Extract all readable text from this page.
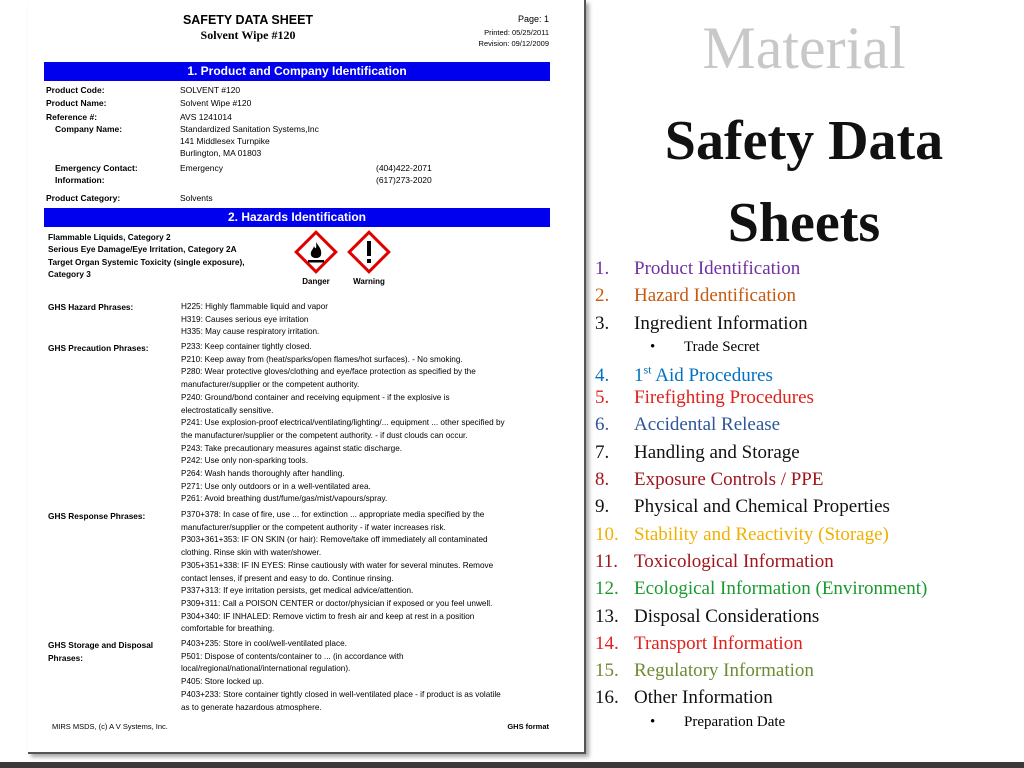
SAFETY DATA SHEET
Solvent Wipe #120
Page: 1
Printed: 05/25/2011
Revision: 09/12/2009
1. Product and Company Identification
Product Code:	SOLVENT #120
Product Name:	Solvent Wipe #120
Reference #:	AVS 1241014
Company Name:	Standardized Sanitation Systems,Inc
141 Middlesex Turnpike
Burlington, MA 01803
Emergency Contact:
Information:
Emergency	(404)422-2071
(617)273-2020
Product Category:	Solvents
2. Hazards Identification
Flammable Liquids, Category 2
Serious Eye Damage/Eye Irritation, Category 2A
Target Organ Systemic Toxicity (single exposure),
Category 3
Danger	Warning
GHS Hazard Phrases:	H225: Highly flammable liquid and vapor
H319: Causes serious eye irritation
H335: May cause respiratory irritation.
GHS Precaution Phrases:	P233: Keep container tightly closed.
P210: Keep away from (heat/sparks/open flames/hot surfaces). - No smoking.
P280: Wear protective gloves/clothing and eye/face protection as specified by the
manufacturer/supplier or the competent authority.
P240: Ground/bond container and receiving equipment - if the explosive is
electrostatically sensitive.
P241: Use explosion-proof electrical/ventilating/lighting/... equipment ... other specified by
the manufacturer/supplier or the competent authority. - if dust clouds can occur.
P243: Take precautionary measures against static discharge.
P242: Use only non-sparking tools.
P264: Wash hands thoroughly after handling.
P271: Use only outdoors or in a well-ventilated area.
P261: Avoid breathing dust/fume/gas/mist/vapours/spray.
GHS Response Phrases:	P370+378: In case of fire, use ... for extinction ... appropriate media specified by the
manufacturer/supplier or the competent authority - if water increases risk.
P303+361+353: IF ON SKIN (or hair): Remove/take off immediately all contaminated
clothing. Rinse skin with water/shower.
P305+351+338: IF IN EYES: Rinse cautiously with water for several minutes. Remove
contact lenses, if present and easy to do. Continue rinsing.
P337+313: If eye irritation persists, get medical advice/attention.
P309+311: Call a POISON CENTER or doctor/physician if exposed or you feel unwell.
P304+340: IF INHALED: Remove victim to fresh air and keep at rest in a position
comfortable for breathing.
GHS Storage and Disposal
Phrases:
P403+235: Store in cool/well-ventilated place.
P501: Dispose of contents/container to ... (in accordance with
local/regional/national/international regulation).
P405: Store locked up.
P403+233: Store container tightly closed in well-ventilated place - if product is as volatile
as to generate hazardous atmosphere.
MIRS MSDS, (c) A V Systems, Inc.	GHS format
Material
Safety Data
Sheets
1. Product Identification
2. Hazard Identification
3. Ingredient Information
• Trade Secret
4. 1st Aid Procedures
5. Firefighting Procedures
6. Accidental Release
7. Handling and Storage
8. Exposure Controls / PPE
9. Physical and Chemical Properties
10. Stability and Reactivity (Storage)
11. Toxicological Information
12. Ecological Information (Environment)
13. Disposal Considerations
14. Transport Information
15. Regulatory Information
16. Other Information
• Preparation Date
